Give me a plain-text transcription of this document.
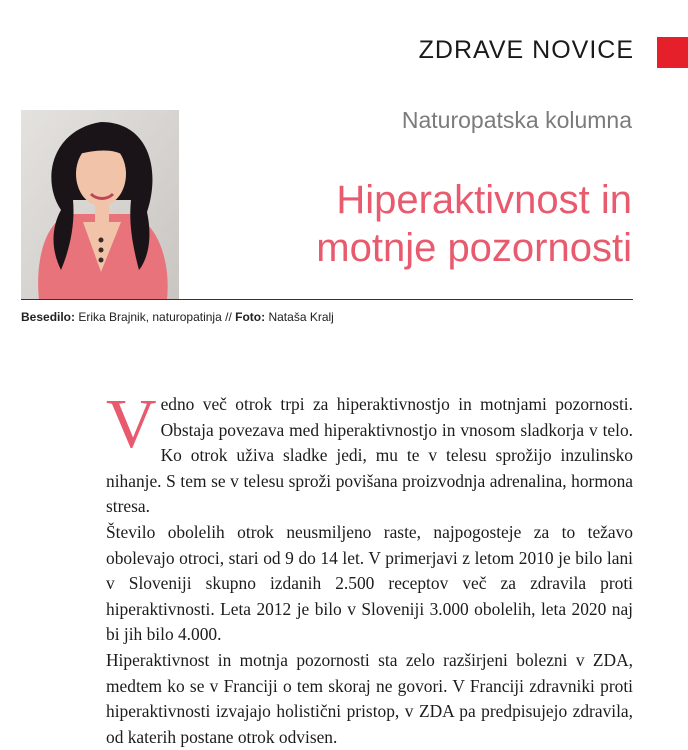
ZDRAVE NOVICE
Naturopatska kolumna
Hiperaktivnost in
motnje pozornosti
Besedilo: Erika Brajnik, naturopatinja // Foto: Nataša Kralj

Vedno več otrok trpi za hiperaktivnostjo in motnjami pozornosti. Obstaja povezava med hiperaktivnostjo in vnosom sladkorja v telo. Ko otrok uživa sladke jedi, mu te v telesu sprožijo inzulinsko nihanje. S tem se v telesu sproži povišana proizvodnja adrenalina, hormona stresa.

Število obolelih otrok neusmiljeno raste, najpogosteje za to težavo obolevajo otroci, stari od 9 do 14 let. V primerjavi z letom 2010 je bilo lani v Sloveniji skupno izdanih 2.500 receptov več za zdravila proti hiperaktivnosti. Leta 2012 je bilo v Sloveniji 3.000 obolelih, leta 2020 naj bi jih bilo 4.000.

Hiperaktivnost in motnja pozornosti sta zelo razširjeni bolezni v ZDA, medtem ko se v Franciji o tem skoraj ne govori. V Franciji zdravniki proti hiperaktivnosti izvajajo holistični pristop, v ZDA pa predpisujejo zdravila, od katerih postane otrok odvisen.
